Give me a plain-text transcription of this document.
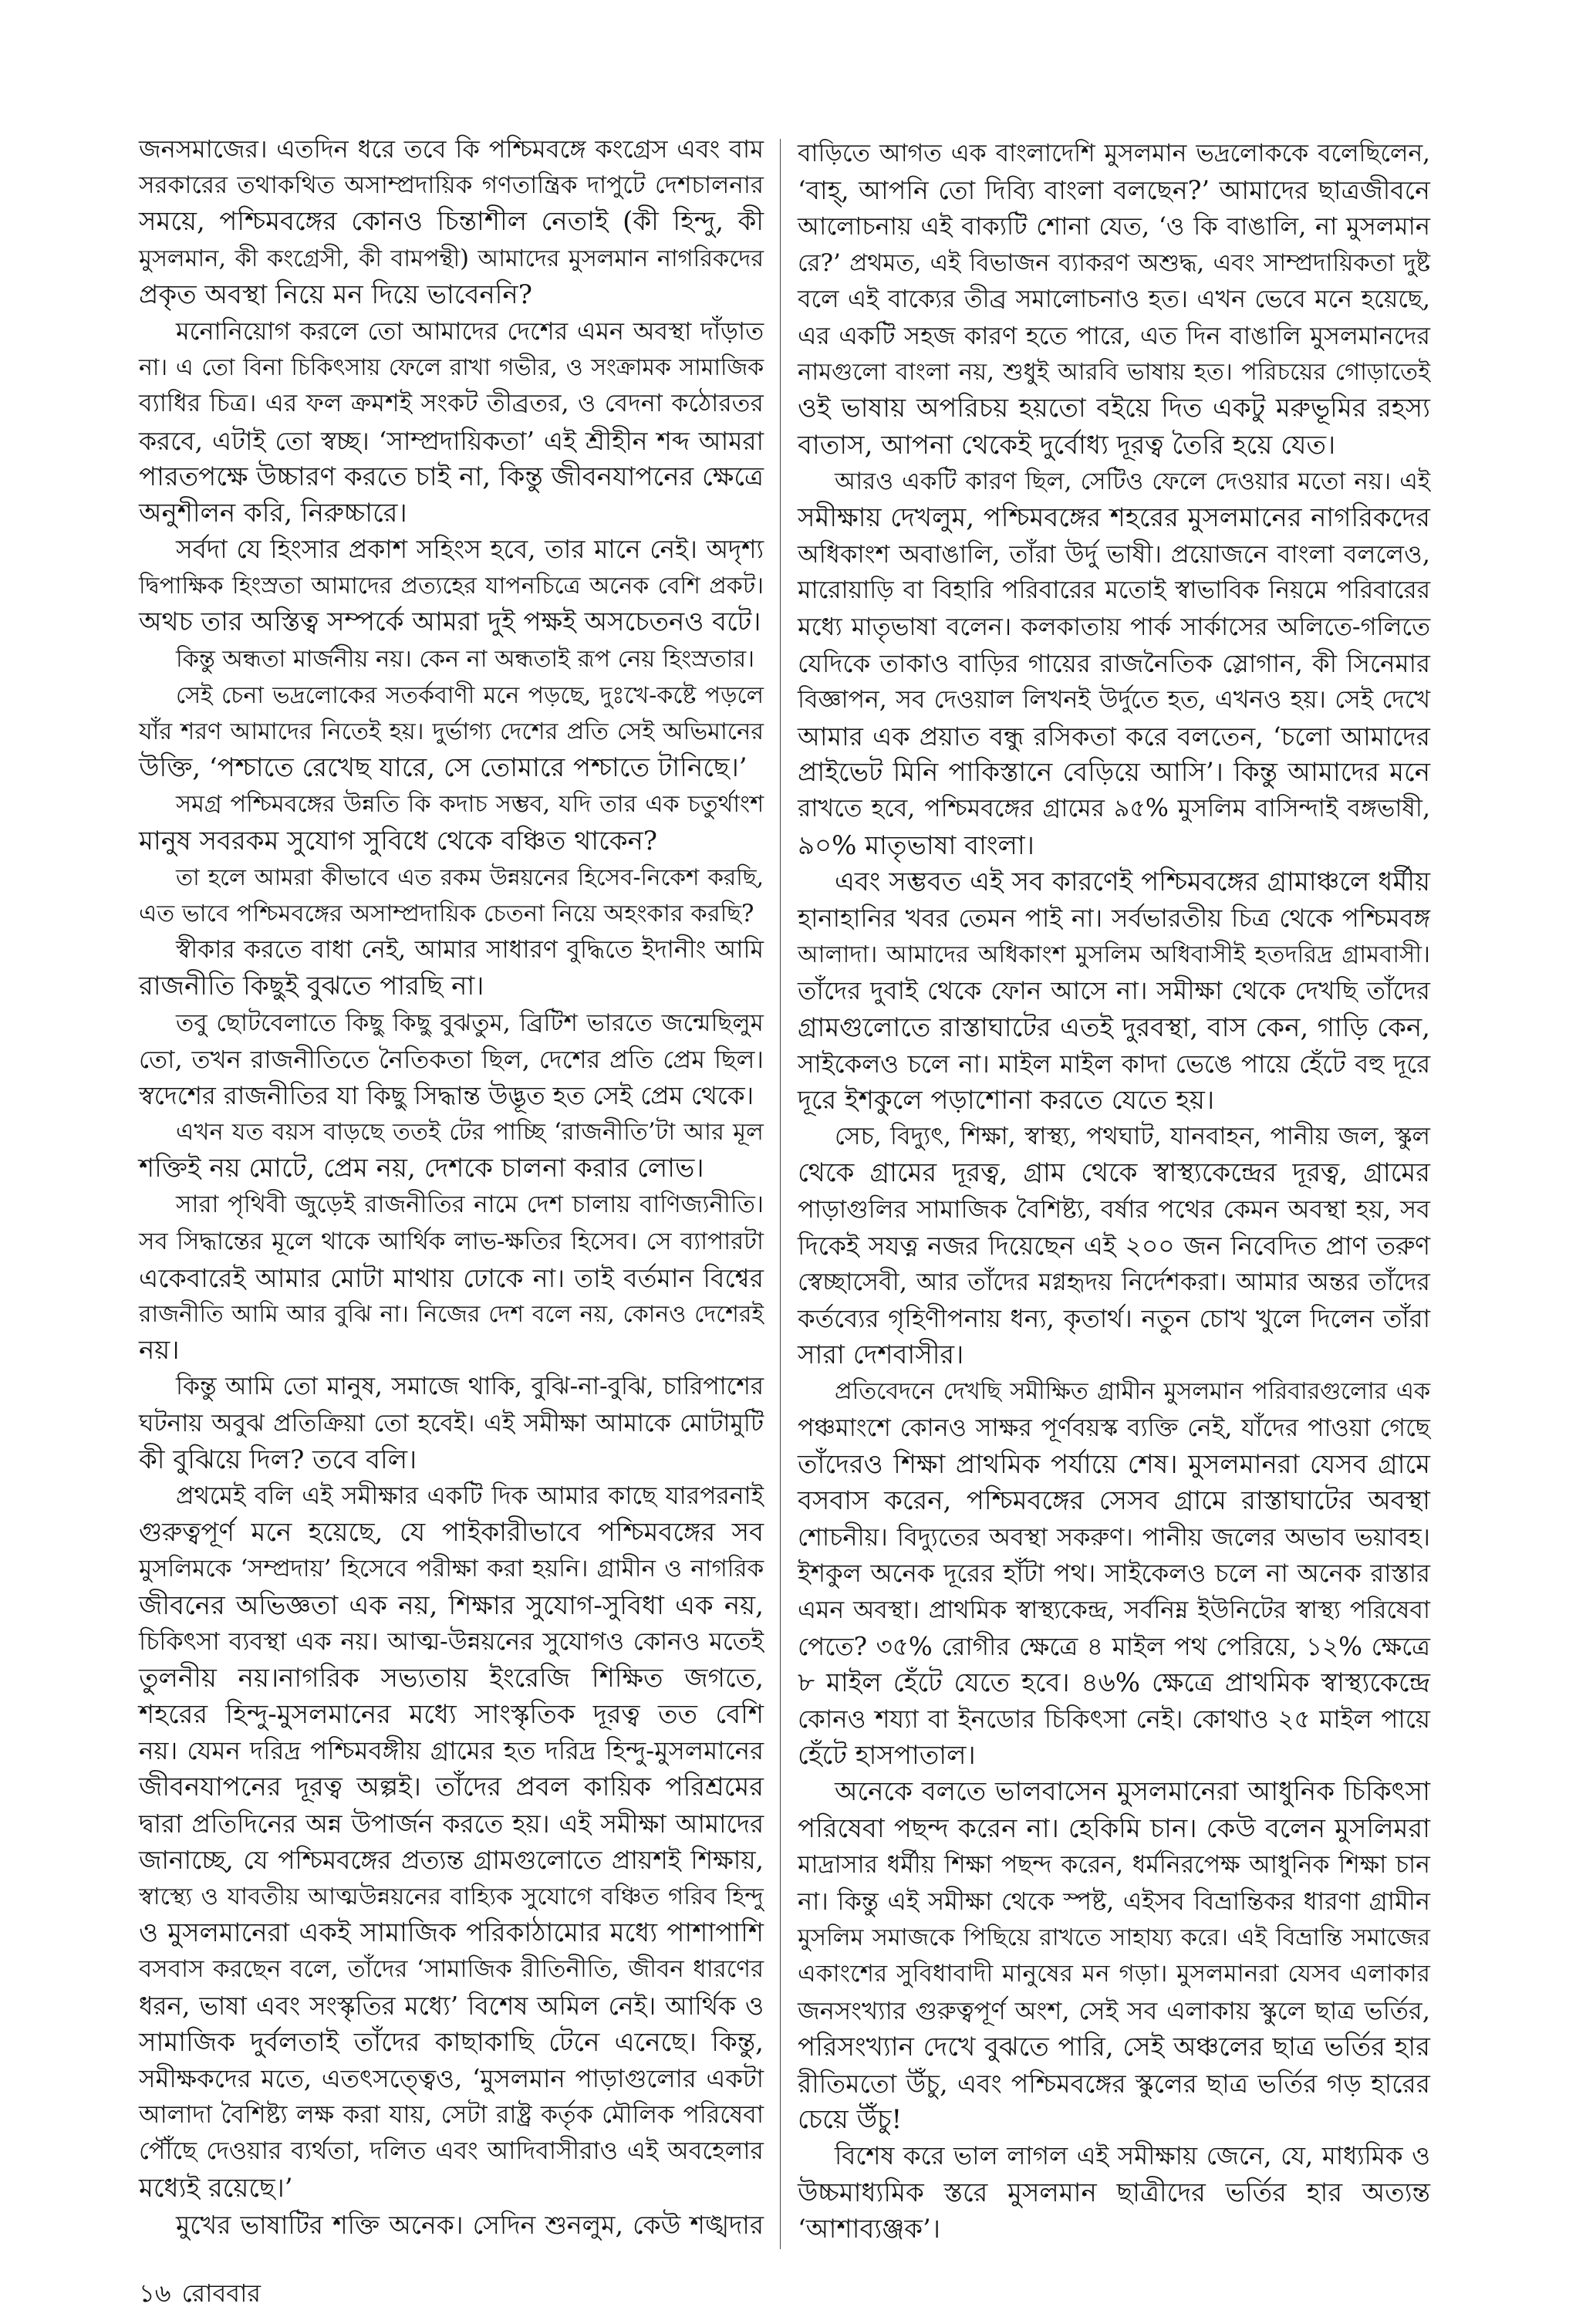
জনসমাজের। এতদিন ধরে তবে কি পশ্চিমবঙ্গে কংগ্রেস এবং বাম
সরকারের তথাকথিত অসাম্প্রদায়িক গণতান্ত্রিক দাপুটে দেশচালনার
সময়ে, পশ্চিমবঙ্গের কোনও চিন্তাশীল নেতাই (কী হিন্দু, কী
মুসলমান, কী কংগ্রেসী, কী বামপন্থী) আমাদের মুসলমান নাগরিকদের
প্রকৃত অবস্থা নিয়ে মন দিয়ে ভাবেননি?
মনোনিয়োগ করলে তো আমাদের দেশের এমন অবস্থা দাঁড়াত
না। এ তো বিনা চিকিৎসায় ফেলে রাখা গভীর, ও সংক্রামক সামাজিক
ব্যাধির চিত্র। এর ফল ক্রমশই সংকট তীব্রতর, ও বেদনা কঠোরতর
করবে, এটাই তো স্বচ্ছ। ‘সাম্প্রদায়িকতা’ এই শ্রীহীন শব্দ আমরা
পারতপক্ষে উচ্চারণ করতে চাই না, কিন্তু জীবনযাপনের ক্ষেত্রে
অনুশীলন করি, নিরুচ্চারে।
সর্বদা যে হিংসার প্রকাশ সহিংস হবে, তার মানে নেই। অদৃশ্য
দ্বিপাক্ষিক হিংস্রতা আমাদের প্রত্যহের যাপনচিত্রে অনেক বেশি প্রকট।
অথচ তার অস্তিত্ব সম্পর্কে আমরা দুই পক্ষই অসচেতনও বটে।
কিন্তু অন্ধতা মার্জনীয় নয়। কেন না অন্ধতাই রূপ নেয় হিংস্রতার।
সেই চেনা ভদ্রলোকের সতর্কবাণী মনে পড়ছে, দুঃখে-কষ্টে পড়লে
যাঁর শরণ আমাদের নিতেই হয়। দুর্ভাগ্য দেশের প্রতি সেই অভিমানের
উক্তি, ‘পশ্চাতে রেখেছ যারে, সে তোমারে পশ্চাতে টানিছে।’
সমগ্র পশ্চিমবঙ্গের উন্নতি কি কদাচ সম্ভব, যদি তার এক চতুর্থাংশ
মানুষ সবরকম সুযোগ সুবিধে থেকে বঞ্চিত থাকেন?
তা হলে আমরা কীভাবে এত রকম উন্নয়নের হিসেব-নিকেশ করছি,
এত ভাবে পশ্চিমবঙ্গের অসাম্প্রদায়িক চেতনা নিয়ে অহংকার করছি?
স্বীকার করতে বাধা নেই, আমার সাধারণ বুদ্ধিতে ইদানীং আমি
রাজনীতি কিছুই বুঝতে পারছি না।
তবু ছোটবেলাতে কিছু কিছু বুঝতুম, ব্রিটিশ ভারতে জন্মেছিলুম
তো, তখন রাজনীতিতে নৈতিকতা ছিল, দেশের প্রতি প্রেম ছিল।
স্বদেশের রাজনীতির যা কিছু সিদ্ধান্ত উদ্ভূত হত সেই প্রেম থেকে।
এখন যত বয়স বাড়ছে ততই টের পাচ্ছি ‘রাজনীতি’টা আর মূল
শক্তিই নয় মোটে, প্রেম নয়, দেশকে চালনা করার লোভ।
সারা পৃথিবী জুড়েই রাজনীতির নামে দেশ চালায় বাণিজ্যনীতি।
সব সিদ্ধান্তের মূলে থাকে আর্থিক লাভ-ক্ষতির হিসেব। সে ব্যাপারটা
একেবারেই আমার মোটা মাথায় ঢোকে না। তাই বর্তমান বিশ্বের
রাজনীতি আমি আর বুঝি না। নিজের দেশ বলে নয়, কোনও দেশেরই
নয়।
কিন্তু আমি তো মানুষ, সমাজে থাকি, বুঝি-না-বুঝি, চারিপাশের
ঘটনায় অবুঝ প্রতিক্রিয়া তো হবেই। এই সমীক্ষা আমাকে মোটামুটি
কী বুঝিয়ে দিল? তবে বলি।
প্রথমেই বলি এই সমীক্ষার একটি দিক আমার কাছে যারপরনাই
গুরুত্বপূর্ণ মনে হয়েছে, যে পাইকারীভাবে পশ্চিমবঙ্গের সব
মুসলিমকে ‘সম্প্রদায়’ হিসেবে পরীক্ষা করা হয়নি। গ্রামীন ও নাগরিক
জীবনের অভিজ্ঞতা এক নয়, শিক্ষার সুযোগ-সুবিধা এক নয়,
চিকিৎসা ব্যবস্থা এক নয়। আত্ম-উন্নয়নের সুযোগও কোনও মতেই
তুলনীয় নয়।নাগরিক সভ্যতায় ইংরেজি শিক্ষিত জগতে,
শহরের হিন্দু-মুসলমানের মধ্যে সাংস্কৃতিক দূরত্ব তত বেশি
নয়। যেমন দরিদ্র পশ্চিমবঙ্গীয় গ্রামের হত দরিদ্র হিন্দু-মুসলমানের
জীবনযাপনের দূরত্ব অল্পই। তাঁদের প্রবল কায়িক পরিশ্রমের
দ্বারা প্রতিদিনের অন্ন উপার্জন করতে হয়। এই সমীক্ষা আমাদের
জানাচ্ছে, যে পশ্চিমবঙ্গের প্রত্যন্ত গ্রামগুলোতে প্রায়শই শিক্ষায়,
স্বাস্থ্যে ও যাবতীয় আত্মউন্নয়নের বাহ্যিক সুযোগে বঞ্চিত গরিব হিন্দু
ও মুসলমানেরা একই সামাজিক পরিকাঠামোর মধ্যে পাশাপাশি
বসবাস করছেন বলে, তাঁদের ‘সামাজিক রীতিনীতি, জীবন ধারণের
ধরন, ভাষা এবং সংস্কৃতির মধ্যে’ বিশেষ অমিল নেই। আর্থিক ও
সামাজিক দুর্বলতাই তাঁদের কাছাকাছি টেনে এনেছে। কিন্তু,
সমীক্ষকদের মতে, এতৎসত্ত্বেও, ‘মুসলমান পাড়াগুলোর একটা
আলাদা বৈশিষ্ট্য লক্ষ করা যায়, সেটা রাষ্ট্র কর্তৃক মৌলিক পরিষেবা
পৌঁছে দেওয়ার ব্যর্থতা, দলিত এবং আদিবাসীরাও এই অবহেলার
মধ্যেই রয়েছে।’
মুখের ভাষাটির শক্তি অনেক। সেদিন শুনলুম, কেউ শঙ্খদার
বাড়িতে আগত এক বাংলাদেশি মুসলমান ভদ্রলোককে বলেছিলেন,
‘বাহ্, আপনি তো দিব্যি বাংলা বলছেন?’ আমাদের ছাত্রজীবনে
আলোচনায় এই বাক্যটি শোনা যেত, ‘ও কি বাঙালি, না মুসলমান
রে?’ প্রথমত, এই বিভাজন ব্যাকরণ অশুদ্ধ, এবং সাম্প্রদায়িকতা দুষ্ট
বলে এই বাক্যের তীব্র সমালোচনাও হত। এখন ভেবে মনে হয়েছে,
এর একটি সহজ কারণ হতে পারে, এত দিন বাঙালি মুসলমানদের
নামগুলো বাংলা নয়, শুধুই আরবি ভাষায় হত। পরিচয়ের গোড়াতেই
ওই ভাষায় অপরিচয় হয়তো বইয়ে দিত একটু মরুভূমির রহস্য
বাতাস, আপনা থেকেই দুর্বোধ্য দূরত্ব তৈরি হয়ে যেত।
আরও একটি কারণ ছিল, সেটিও ফেলে দেওয়ার মতো নয়। এই
সমীক্ষায় দেখলুম, পশ্চিমবঙ্গের শহরের মুসলমানের নাগরিকদের
অধিকাংশ অবাঙালি, তাঁরা উর্দু ভাষী। প্রয়োজনে বাংলা বললেও,
মারোয়াড়ি বা বিহারি পরিবারের মতোই স্বাভাবিক নিয়মে পরিবারের
মধ্যে মাতৃভাষা বলেন। কলকাতায় পার্ক সার্কাসের অলিতে-গলিতে
যেদিকে তাকাও বাড়ির গায়ের রাজনৈতিক স্লোগান, কী সিনেমার
বিজ্ঞাপন, সব দেওয়াল লিখনই উর্দুতে হত, এখনও হয়। সেই দেখে
আমার এক প্রয়াত বন্ধু রসিকতা করে বলতেন, ‘চলো আমাদের
প্রাইভেট মিনি পাকিস্তানে বেড়িয়ে আসি’। কিন্তু আমাদের মনে
রাখতে হবে, পশ্চিমবঙ্গের গ্রামের ৯৫% মুসলিম বাসিন্দাই বঙ্গভাষী,
৯০% মাতৃভাষা বাংলা।
এবং সম্ভবত এই সব কারণেই পশ্চিমবঙ্গের গ্রামাঞ্চলে ধর্মীয়
হানাহানির খবর তেমন পাই না। সর্বভারতীয় চিত্র থেকে পশ্চিমবঙ্গ
আলাদা। আমাদের অধিকাংশ মুসলিম অধিবাসীই হতদরিদ্র গ্রামবাসী।
তাঁদের দুবাই থেকে ফোন আসে না। সমীক্ষা থেকে দেখছি তাঁদের
গ্রামগুলোতে রাস্তাঘাটের এতই দুরবস্থা, বাস কেন, গাড়ি কেন,
সাইকেলও চলে না। মাইল মাইল কাদা ভেঙে পায়ে হেঁটে বহু দূরে
দূরে ইশকুলে পড়াশোনা করতে যেতে হয়।
সেচ, বিদ্যুৎ, শিক্ষা, স্বাস্থ্য, পথঘাট, যানবাহন, পানীয় জল, স্কুল
থেকে গ্রামের দূরত্ব, গ্রাম থেকে স্বাস্থ্যকেন্দ্রের দূরত্ব, গ্রামের
পাড়াগুলির সামাজিক বৈশিষ্ট্য, বর্ষার পথের কেমন অবস্থা হয়, সব
দিকেই সযত্ন নজর দিয়েছেন এই ২০০ জন নিবেদিত প্রাণ তরুণ
স্বেচ্ছাসেবী, আর তাঁদের মগ্নহৃদয় নির্দেশকরা। আমার অন্তর তাঁদের
কর্তব্যের গৃহিণীপনায় ধন্য, কৃতার্থ। নতুন চোখ খুলে দিলেন তাঁরা
সারা দেশবাসীর।
প্রতিবেদনে দেখছি সমীক্ষিত গ্রামীন মুসলমান পরিবারগুলোর এক
পঞ্চমাংশে কোনও সাক্ষর পূর্ণবয়স্ক ব্যক্তি নেই, যাঁদের পাওয়া গেছে
তাঁদেরও শিক্ষা প্রাথমিক পর্যায়ে শেষ। মুসলমানরা যেসব গ্রামে
বসবাস করেন, পশ্চিমবঙ্গের সেসব গ্রামে রাস্তাঘাটের অবস্থা
শোচনীয়। বিদ্যুতের অবস্থা সকরুণ। পানীয় জলের অভাব ভয়াবহ।
ইশকুল অনেক দূরের হাঁটা পথ। সাইকেলও চলে না অনেক রাস্তার
এমন অবস্থা। প্রাথমিক স্বাস্থ্যকেন্দ্র, সর্বনিম্ন ইউনিটের স্বাস্থ্য পরিষেবা
পেতে? ৩৫% রোগীর ক্ষেত্রে ৪ মাইল পথ পেরিয়ে, ১২% ক্ষেত্রে
৮ মাইল হেঁটে যেতে হবে। ৪৬% ক্ষেত্রে প্রাথমিক স্বাস্থ্যকেন্দ্রে
কোনও শয্যা বা ইনডোর চিকিৎসা নেই। কোথাও ২৫ মাইল পায়ে
হেঁটে হাসপাতাল।
অনেকে বলতে ভালবাসেন মুসলমানেরা আধুনিক চিকিৎসা
পরিষেবা পছন্দ করেন না। হেকিমি চান। কেউ বলেন মুসলিমরা
মাদ্রাসার ধর্মীয় শিক্ষা পছন্দ করেন, ধর্মনিরপেক্ষ আধুনিক শিক্ষা চান
না। কিন্তু এই সমীক্ষা থেকে স্পষ্ট, এইসব বিভ্রান্তিকর ধারণা গ্রামীন
মুসলিম সমাজকে পিছিয়ে রাখতে সাহায্য করে। এই বিভ্রান্তি সমাজের
একাংশের সুবিধাবাদী মানুষের মন গড়া। মুসলমানরা যেসব এলাকার
জনসংখ্যার গুরুত্বপূর্ণ অংশ, সেই সব এলাকায় স্কুলে ছাত্র ভর্তির,
পরিসংখ্যান দেখে বুঝতে পারি, সেই অঞ্চলের ছাত্র ভর্তির হার
রীতিমতো উঁচু, এবং পশ্চিমবঙ্গের স্কুলের ছাত্র ভর্তির গড় হারের
চেয়ে উঁচু!
বিশেষ করে ভাল লাগল এই সমীক্ষায় জেনে, যে, মাধ্যমিক ও
উচ্চমাধ্যমিক স্তরে মুসলমান ছাত্রীদের ভর্তির হার অত্যন্ত
‘আশাব্যঞ্জক’।
১৬ রোববার
